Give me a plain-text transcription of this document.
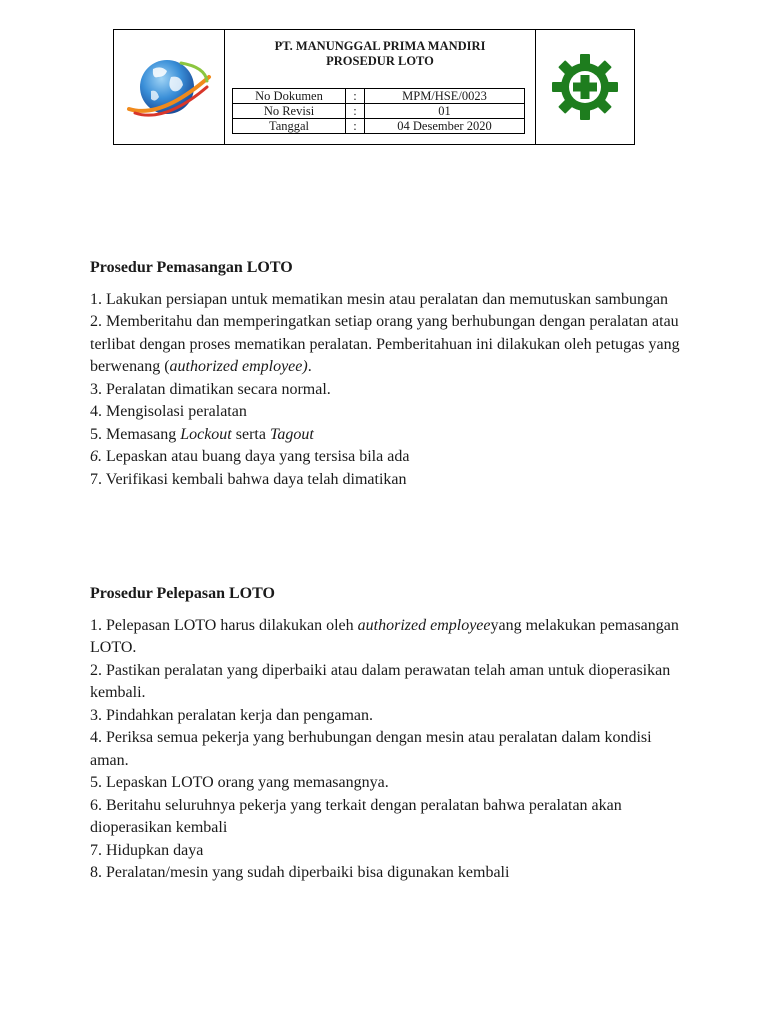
PT. MANUNGGAL PRIMA MANDIRI
PROSEDUR LOTO
No Dokumen	:	MPM/HSE/0023
No Revisi	:	01
Tanggal	:	04 Desember 2020
Prosedur Pemasangan LOTO

1. Lakukan persiapan untuk mematikan mesin atau peralatan dan memutuskan sambungan

2. Memberitahu dan memperingatkan setiap orang yang berhubungan dengan peralatan atau terlibat dengan proses mematikan peralatan. Pemberitahuan ini dilakukan oleh petugas yang berwenang (authorized employee).

3. Peralatan dimatikan secara normal.

4. Mengisolasi peralatan

5. Memasang Lockout serta Tagout

6. Lepaskan atau buang daya yang tersisa bila ada

7. Verifikasi kembali bahwa daya telah dimatikan

Prosedur Pelepasan LOTO

1. Pelepasan LOTO harus dilakukan oleh authorized employeeyang melakukan pemasangan LOTO.

2. Pastikan peralatan yang diperbaiki atau dalam perawatan telah aman untuk dioperasikan kembali.

3. Pindahkan peralatan kerja dan pengaman.

4. Periksa semua pekerja yang berhubungan dengan mesin atau peralatan dalam kondisi aman.

5. Lepaskan LOTO orang yang memasangnya.

6. Beritahu seluruhnya pekerja yang terkait dengan peralatan bahwa peralatan akan dioperasikan kembali

7. Hidupkan daya

8. Peralatan/mesin yang sudah diperbaiki bisa digunakan kembali
